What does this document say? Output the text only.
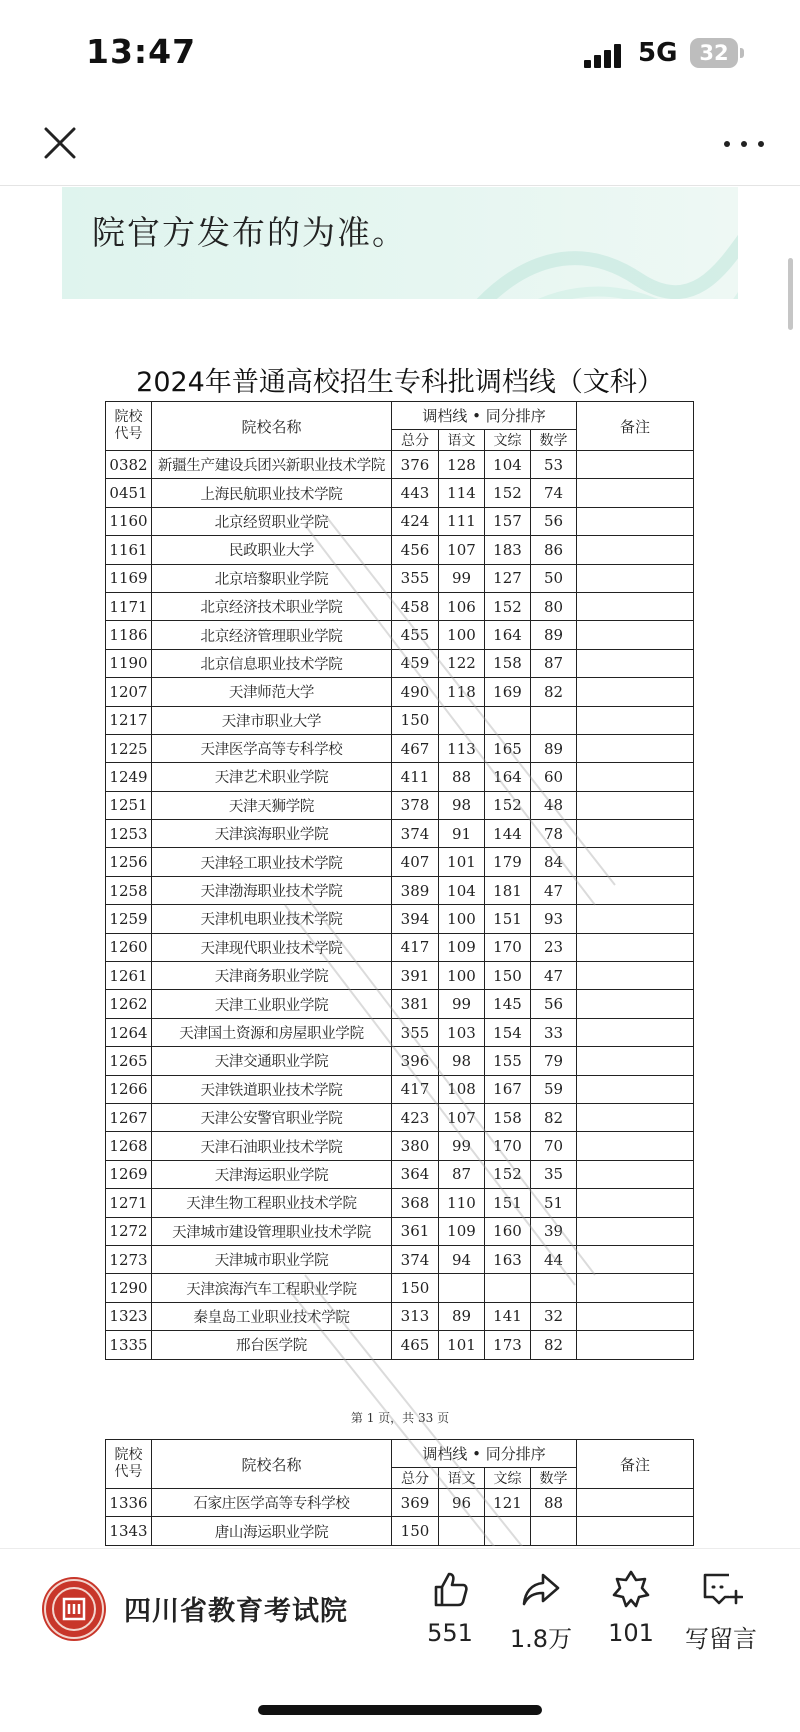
13:47	5G	32
院官方发布的为准。
2024年普通高校招生专科批调档线（文科）
院校代号	院校名称	调档线 • 同分排序				备注
		总分	语文	文综	数学	
0382	新疆生产建设兵团兴新职业技术学院	376	128	104	53	
0451	上海民航职业技术学院	443	114	152	74	
1160	北京经贸职业学院	424	111	157	56	
1161	民政职业大学	456	107	183	86	
1169	北京培黎职业学院	355	99	127	50	
1171	北京经济技术职业学院	458	106	152	80	
1186	北京经济管理职业学院	455	100	164	89	
1190	北京信息职业技术学院	459	122	158	87	
1207	天津师范大学	490	118	169	82	
1217	天津市职业大学	150				
1225	天津医学高等专科学校	467	113	165	89	
1249	天津艺术职业学院	411	88	164	60	
1251	天津天狮学院	378	98	152	48	
1253	天津滨海职业学院	374	91	144	78	
1256	天津轻工职业技术学院	407	101	179	84	
1258	天津渤海职业技术学院	389	104	181	47	
1259	天津机电职业技术学院	394	100	151	93	
1260	天津现代职业技术学院	417	109	170	23	
1261	天津商务职业学院	391	100	150	47	
1262	天津工业职业学院	381	99	145	56	
1264	天津国土资源和房屋职业学院	355	103	154	33	
1265	天津交通职业学院	396	98	155	79	
1266	天津铁道职业技术学院	417	108	167	59	
1267	天津公安警官职业学院	423	107	158	82	
1268	天津石油职业技术学院	380	99	170	70	
1269	天津海运职业学院	364	87	152	35	
1271	天津生物工程职业技术学院	368	110	151	51	
1272	天津城市建设管理职业技术学院	361	109	160	39	
1273	天津城市职业学院	374	94	163	44	
1290	天津滨海汽车工程职业学院	150				
1323	秦皇岛工业职业技术学院	313	89	141	32	
1335	邢台医学院	465	101	173	82	
第 1 页，共 33 页
院校代号	院校名称	调档线 • 同分排序				备注
		总分	语文	文综	数学	
1336	石家庄医学高等专科学校	369	96	121	88	
1343	唐山海运职业学院	150				
四川省教育考试院
551	1.8万	101	写留言
